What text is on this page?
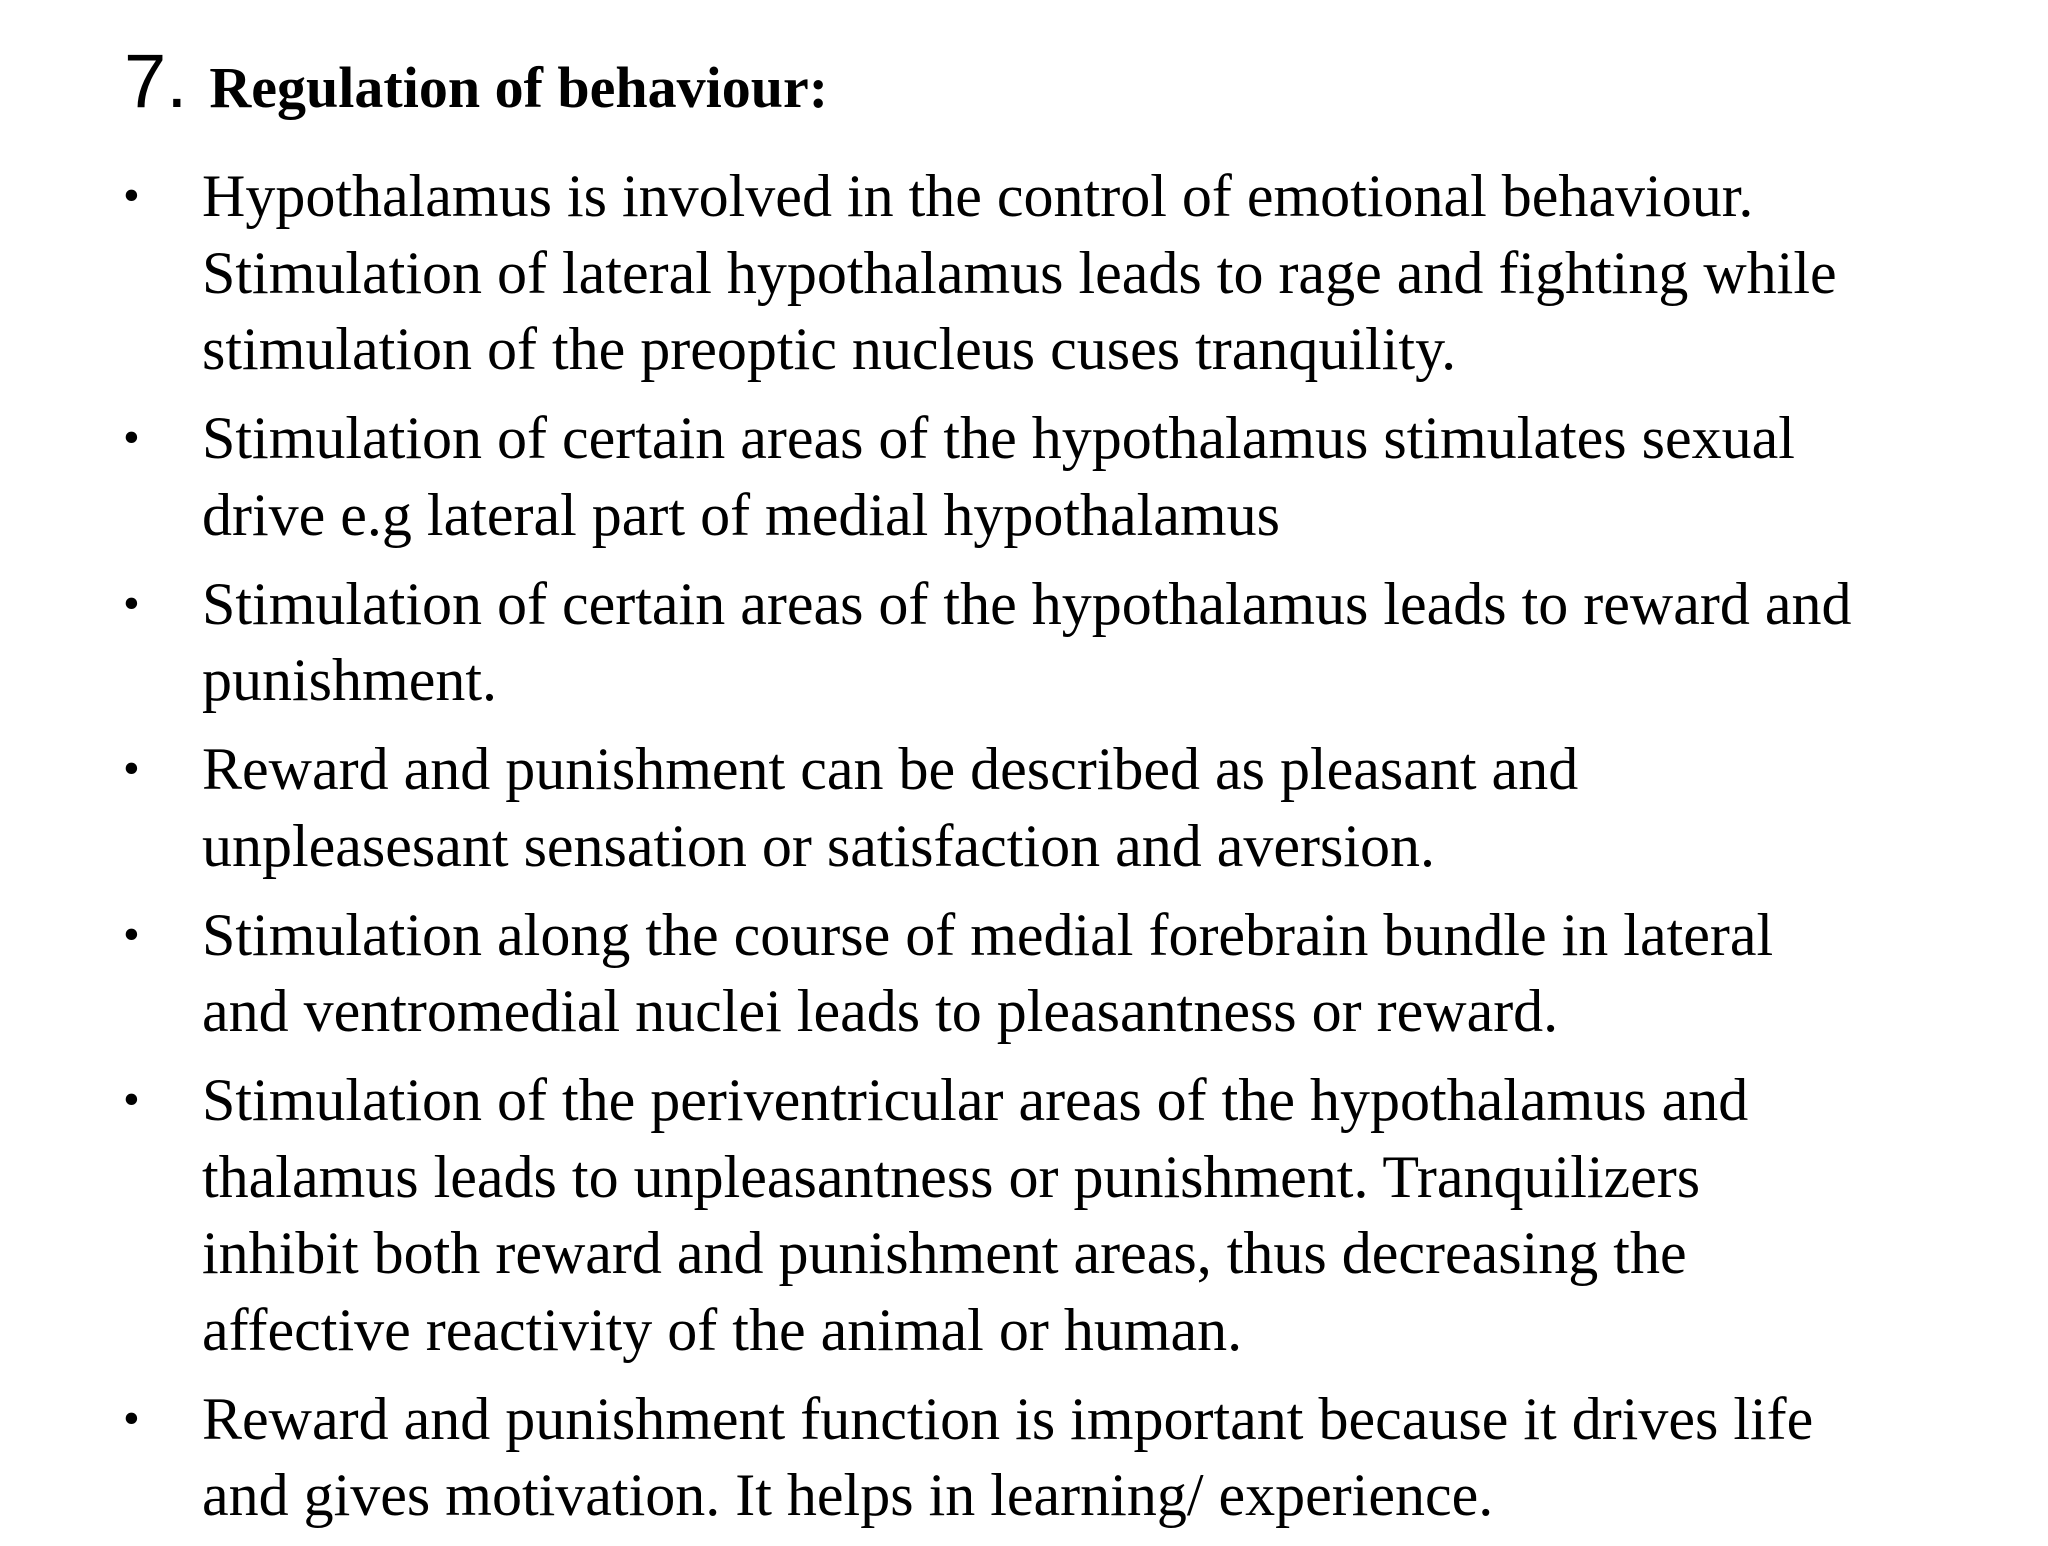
7. Regulation of behaviour:
• Hypothalamus is involved in the control of emotional behaviour.
Stimulation of lateral hypothalamus leads to rage and fighting while
stimulation of the preoptic nucleus cuses tranquility.
• Stimulation of certain areas of the hypothalamus stimulates sexual
drive e.g lateral part of medial hypothalamus
• Stimulation of certain areas of the hypothalamus leads to reward and
punishment.
• Reward and punishment can be described as pleasant and
unpleasesant sensation or satisfaction and aversion.
• Stimulation along the course of medial forebrain bundle in lateral
and ventromedial nuclei leads to pleasantness or reward.
• Stimulation of the periventricular areas of the hypothalamus and
thalamus leads to unpleasantness or punishment. Tranquilizers
inhibit both reward and punishment areas, thus decreasing the
affective reactivity of the animal or human.
• Reward and punishment function is important because it drives life
and gives motivation. It helps in learning/ experience.
